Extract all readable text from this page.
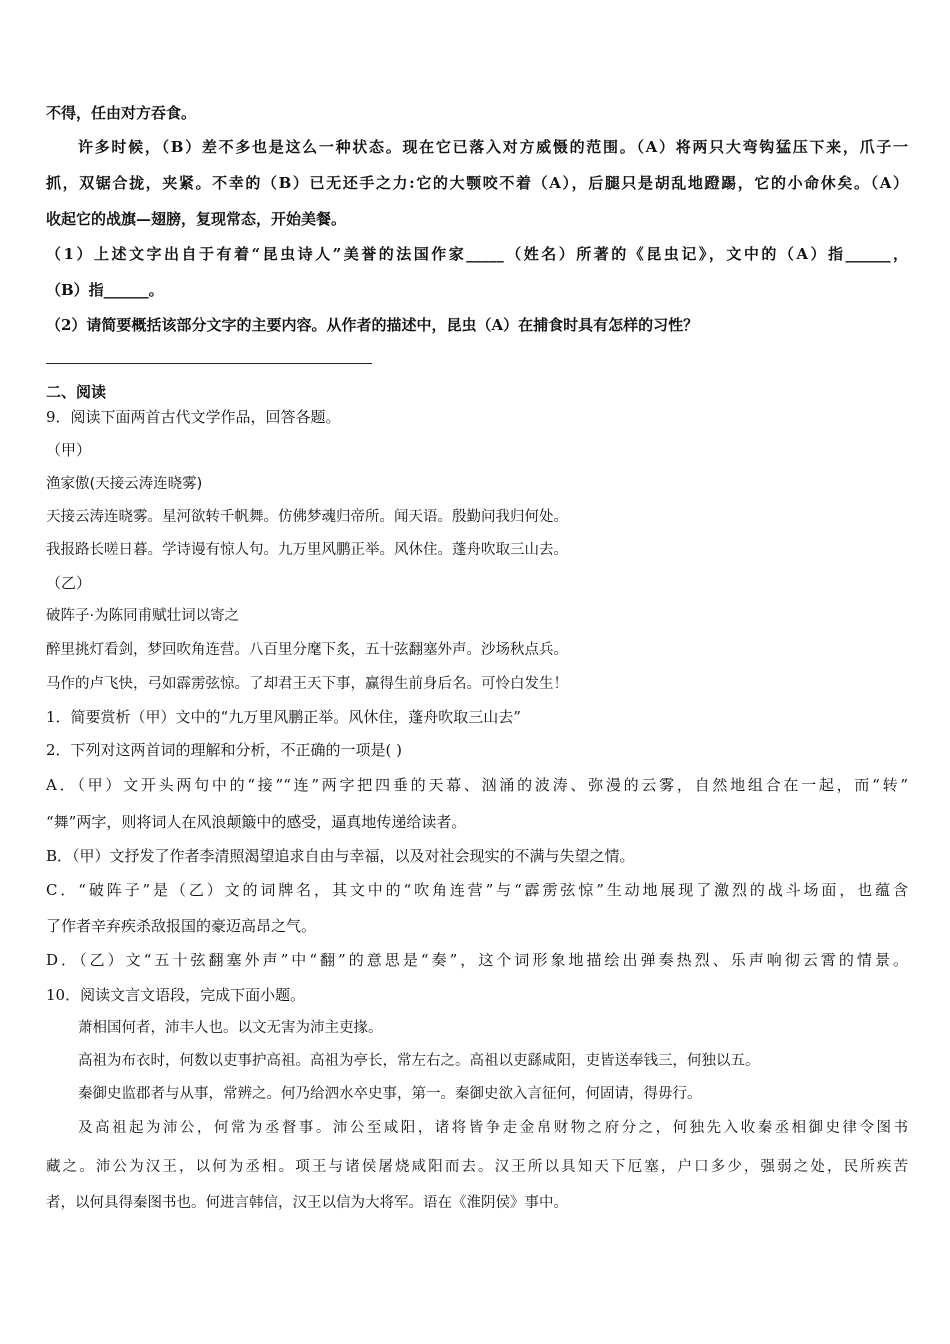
不得，任由对方吞食。
许多时候，（B）差不多也是这么一种状态。现在它已落入对方威慑的范围。（A）将两只大弯钩猛压下来，爪子一
抓，双锯合拢，夹紧。不幸的（B）已无还手之力:它的大颚咬不着（A），后腿只是胡乱地蹬踢，它的小命休矣。（A）
收起它的战旗—翅膀，复现常态，开始美餐。
（1）上述文字出自于有着“昆虫诗人”美誉的法国作家_____（姓名）所著的《昆虫记》，文中的（A）指______，
（B）指______。
（2）请简要概括该部分文字的主要内容。从作者的描述中，昆虫（A）在捕食时具有怎样的习性？
二、阅读
9．阅读下面两首古代文学作品，回答各题。
（甲）
渔家傲(天接云涛连晓雾)
天接云涛连晓雾。星河欲转千帆舞。仿佛梦魂归帝所。闻天语。殷勤问我归何处。
我报路长嗟日暮。学诗谩有惊人句。九万里风鹏正举。风休住。蓬舟吹取三山去。
（乙）
破阵子·为陈同甫赋壮词以寄之
醉里挑灯看剑，梦回吹角连营。八百里分麾下炙，五十弦翻塞外声。沙场秋点兵。
马作的卢飞快，弓如霹雳弦惊。了却君王天下事，赢得生前身后名。可怜白发生！
1．简要赏析（甲）文中的“九万里风鹏正举。风休住，蓬舟吹取三山去”
2．下列对这两首词的理解和分析，不正确的一项是( )
A．（甲）文开头两句中的“接”“连”两字把四垂的天幕、汹涌的波涛、弥漫的云雾，自然地组合在一起，而“转”
“舞”两字，则将词人在风浪颠簸中的感受，逼真地传递给读者。
B．（甲）文抒发了作者李清照渴望追求自由与幸福，以及对社会现实的不满与失望之情。
C．“破阵子”是（乙）文的词牌名，其文中的“吹角连营”与“霹雳弦惊”生动地展现了激烈的战斗场面，也蕴含
了作者辛弃疾杀敌报国的豪迈高昂之气。
D．（乙）文“五十弦翻塞外声”中“翻”的意思是“奏”，这个词形象地描绘出弹奏热烈、乐声响彻云霄的情景。
10．阅读文言文语段，完成下面小题。
萧相国何者，沛丰人也。以文无害为沛主吏掾。
高祖为布衣时，何数以吏事护高祖。高祖为亭长，常左右之。高祖以吏繇咸阳，吏皆送奉钱三，何独以五。
秦御史监郡者与从事，常辨之。何乃给泗水卒史事，第一。秦御史欲入言征何，何固请，得毋行。
及高祖起为沛公，何常为丞督事。沛公至咸阳，诸将皆争走金帛财物之府分之，何独先入收秦丞相御史律令图书
藏之。沛公为汉王，以何为丞相。项王与诸侯屠烧咸阳而去。汉王所以具知天下厄塞，户口多少，强弱之处，民所疾苦
者，以何具得秦图书也。何进言韩信，汉王以信为大将军。语在《淮阴侯》事中。
